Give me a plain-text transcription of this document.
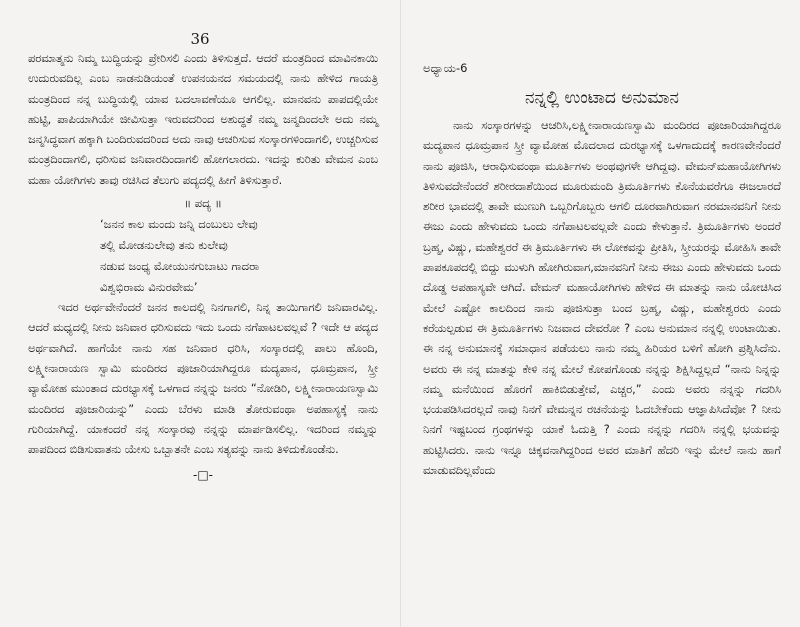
36
ಪರಮಾತ್ಮನು ನಿಮ್ಮ ಬುದ್ಧಿಯನ್ನು ಪ್ರೇರಿಸಲಿ ಎಂದು ತಿಳಿಸುತ್ತದೆ. ಆದರೆ ಮಂತ್ರದಿಂದ ಮಾವಿನಕಾಯಿ ಉದುರುವದಿಲ್ಲ ಎಂಬ ನಾಡನುಡಿಯಂತೆ ಉಪನಯನದ ಸಮಯದಲ್ಲಿ ನಾನು ಹೇಳಿದ ಗಾಯತ್ರಿ ಮಂತ್ರದಿಂದ ನನ್ನ ಬುದ್ಧಿಯಲ್ಲಿ ಯಾವ ಬದಲಾವಣೆಯೂ ಆಗಲಿಲ್ಲ. ಮಾನವನು ಪಾಪದಲ್ಲಿಯೇ ಹುಟ್ಟಿ, ಪಾಪಿಯಾಗಿಯೇ ಜೀವಿಸುತ್ತಾ ಇರುವದರಿಂದ ಅಶುದ್ಧತೆ ನಮ್ಮ ಜನ್ಮದಿಂದಲೇ ಅದು ನಮ್ಮ ಜನ್ಮಸಿದ್ಧವಾಗ ಹಕ್ಕಾಗಿ ಬಂದಿರುವದರಿಂದ ಅದು ನಾವು ಆಚರಿಸುವ ಸಂಸ್ಕಾರಗಳಿಂದಾಗಲಿ, ಉಚ್ಚರಿಸುವ ಮಂತ್ರದಿಂದಾಗಲಿ, ಧರಿಸುವ ಜನಿವಾರದಿಂದಾಗಲಿ ಹೋಗಲಾರದು. ಇದನ್ನು ಕುರಿತು ವೇಮನ ಎಂಬ ಮಹಾ ಯೋಗಿಗಳು ತಾವು ರಚಿಸಿದ ತೆಲುಗು ಪದ್ಯದಲ್ಲಿ ಹೀಗೆ ತಿಳಿಸುತ್ತಾರೆ.
॥ ಪದ್ಯ ॥
‘ಜನನ ಕಾಲ ಮಂದು ಜನ್ನಿ ದಂಬುಲು ಲೇವು
ತಲ್ಲಿ ಮೋಡನುಲೇವು ತನು ಕುಲೇವು
ನಡುವ ಜಂಧ್ಯ ಮೋಯುನಗುಬಾಟು ಗಾದರಾ
ವಿಶ್ವಭಿರಾಮ ವಿನುರವೇಮ’
ಇದರ ಅರ್ಥವೇನೆಂದರೆ ಜನನ ಕಾಲದಲ್ಲಿ ನಿನಗಾಗಲಿ, ನಿನ್ನ ತಾಯಿಗಾಗಲಿ ಜನಿವಾರವಿಲ್ಲ. ಆದರೆ ಮಧ್ಯದಲ್ಲಿ ನೀನು ಜನಿವಾರ ಧರಿಸುವದು ಇದು ಒಂದು ನಗೆಪಾಟಲವಲ್ಲವೆ ? ಇದೇ ಆ ಪದ್ಯದ ಅರ್ಥವಾಗಿದೆ. ಹಾಗೆಯೇ ನಾನು ಸಹ ಜನಿವಾರ ಧರಿಸಿ, ಸಂಸ್ಕಾರದಲ್ಲಿ ಪಾಲು ಹೊಂದಿ, ಲಕ್ಷ್ಮೀನಾರಾಯಣ ಸ್ವಾಮಿ ಮಂದಿರದ ಪೂಜಾರಿಯಾಗಿದ್ದರೂ ಮದ್ಯಪಾನ, ಧೂಮ್ರಪಾನ, ಸ್ತ್ರೀ ವ್ಯಾಮೋಹ ಮುಂತಾದ ದುರಭ್ಯಾಸಕ್ಕೆ ಒಳಗಾದ ನನ್ನನ್ನು ಜನರು “ನೋಡಿರಿ, ಲಕ್ಷ್ಮೀನಾರಾಯಣಸ್ವಾಮಿ ಮಂದಿರದ ಪೂಜಾರಿಯನ್ನು” ಎಂದು ಬೆರಳು ಮಾಡಿ ತೋರುವಂಥಾ ಅಪಹಾಸ್ಯಕ್ಕೆ ನಾನು ಗುರಿಯಾಗಿದ್ದೆ. ಯಾಕಂದರೆ ನನ್ನ ಸಂಸ್ಕಾರವು ನನ್ನನ್ನು ಮಾರ್ಪಡಿಸಲಿಲ್ಲ. ಇದರಿಂದ ನಮ್ಮನ್ನು ಪಾಪದಿಂದ ಬಿಡಿಸುವಾತನು ಯೇಸು ಒಬ್ಬಾತನೇ ಎಂಬ ಸತ್ಯವನ್ನು ನಾನು ತಿಳಿದುಕೊಂಡೆನು.
-□-
ಅಧ್ಯಾಯ-6
ನನ್ನಲ್ಲಿ ಉಂಟಾದ ಅನುಮಾನ
ನಾನು ಸಂಸ್ಕಾರಗಳನ್ನು ಆಚರಿಸಿ,ಲಕ್ಷ್ಮೀನಾರಾಯಣಸ್ವಾಮಿ ಮಂದಿರದ ಪೂಜಾರಿಯಾಗಿದ್ದರೂ ಮದ್ಯಪಾನ ಧೂಮ್ರಪಾನ ಸ್ತ್ರೀ ವ್ಯಾಮೋಹ ಮೊದಲಾದ ದುರಭ್ಯಾಸಕ್ಕೆ ಒಳಗಾದುದಕ್ಕೆ ಕಾರಣವೇನೆಂದರೆ ನಾನು ಪೂಜಿಸಿ, ಆರಾಧಿಸುವಂಥಾ ಮೂರ್ತಿಗಳು ಅಂಥವುಗಳೇ ಆಗಿದ್ದವು. ವೇಮನ್‌ಮಹಾಯೋಗಿಗಳು ತಿಳಿಸುವದೇನೆಂದರೆ ಶರೀರದಾಶೆಯಿಂದ ಮೂರುಮಂದಿ ತ್ರಿಮೂರ್ತಿಗಳು ಕೊನೆಯವರೆಗೂ ಈಜಲಾರದೆ ಶರೀರ ಭಾವದಲ್ಲಿ ತಾವೇ ಮುಣುಗಿ ಒಬ್ಬರಿಗೊಬ್ಬರು ಆಗಲಿ ದೂರವಾಗಿರುವಾಗ ನರಮಾನವನಿಗೆ ನೀನು ಈಜು ಎಂದು ಹೇಳುವದು ಒಂದು ನಗೆಪಾಟಲವಲ್ಲವೇ ಎಂದು ಕೇಳುತ್ತಾನೆ. ತ್ರಿಮೂರ್ತಿಗಳು ಅಂದರೆ ಬ್ರಹ್ಮ, ವಿಷ್ಣು, ಮಹೇಶ್ವರರೆ ಈ ತ್ರಿಮೂರ್ತಿಗಳು ಈ ಲೋಕವನ್ನು ಪ್ರೀತಿಸಿ, ಸ್ತ್ರೀಯರನ್ನು ಮೋಹಿಸಿ ತಾವೇ ಪಾಪಕೂಪದಲ್ಲಿ ಬಿದ್ದು ಮುಳುಗಿ ಹೋಗಿರುವಾಗ,ಮಾನವನಿಗೆ ನೀನು ಈಜು ಎಂದು ಹೇಳುವದು ಒಂದು ದೊಡ್ಡ ಅಪಹಾಸ್ಯವೇ ಆಗಿದೆ. ವೇಮನ್ ಮಹಾಯೋಗಿಗಳು ಹೇಳಿದ ಈ ಮಾತನ್ನು ನಾನು ಯೋಚಿಸಿದ ಮೇಲೆ ಎಷ್ಟೋ ಕಾಲದಿಂದ ನಾನು ಪೂಜಿಸುತ್ತಾ ಬಂದ ಬ್ರಹ್ಮ, ವಿಷ್ಣು, ಮಹೇಶ್ವರರು ಎಂದು ಕರೆಯಲ್ಪಡುವ ಈ ತ್ರಿಮೂರ್ತಿಗಳು ನಿಜವಾದ ದೇವರೋ ? ಎಂಬ ಅನುಮಾನ ನನ್ನಲ್ಲಿ ಉಂಟಾಯಿತು. ಈ ನನ್ನ ಅನುಮಾನಕ್ಕೆ ಸಮಾಧಾನ ಪಡೆಯಲು ನಾನು ನಮ್ಮ ಹಿರಿಯರ ಬಳಿಗೆ ಹೋಗಿ ಪ್ರಶ್ನಿಸಿದೆನು. ಅವರು ಈ ನನ್ನ ಮಾತನ್ನು ಕೇಳಿ ನನ್ನ ಮೇಲೆ ಕೋಪಗೊಂಡು ನನ್ನನ್ನು ಶಿಕ್ಷಿಸಿದ್ದಲ್ಲದೆ “ನಾನು ನಿನ್ನನ್ನು ನಮ್ಮ ಮನೆಯಿಂದ ಹೊರಗೆ ಹಾಕಿಬಿಡುತ್ತೇವೆ, ಎಚ್ಚರ,” ಎಂದು ಅವರು ನನ್ನನ್ನು ಗದರಿಸಿ ಭಯಪಡಿಸಿದರಲ್ಲದೆ ನಾವು ನಿನಗೆ ವೇಮನ್ನನ ರಚನೆಯನ್ನು ಓದಬೇಕೆಂದು ಆಜ್ಞಾಪಿಸಿದೆವೋ ? ನೀನು ನಿನಗೆ ಇಷ್ಟಬಂದ ಗ್ರಂಥಗಳನ್ನು ಯಾಕೆ ಓದುತ್ತಿ ? ಎಂದು ನನ್ನನ್ನು ಗದರಿಸಿ ನನ್ನಲ್ಲಿ ಭಯವನ್ನು ಹುಟ್ಟಿಸಿದರು. ನಾನು ಇನ್ನೂ ಚಿಕ್ಕವನಾಗಿದ್ದರಿಂದ ಅವರ ಮಾತಿಗೆ ಹೆದರಿ ಇನ್ನು ಮೇಲೆ ನಾನು ಹಾಗೆ ಮಾಡುವದಿಲ್ಲವೆಂದು
